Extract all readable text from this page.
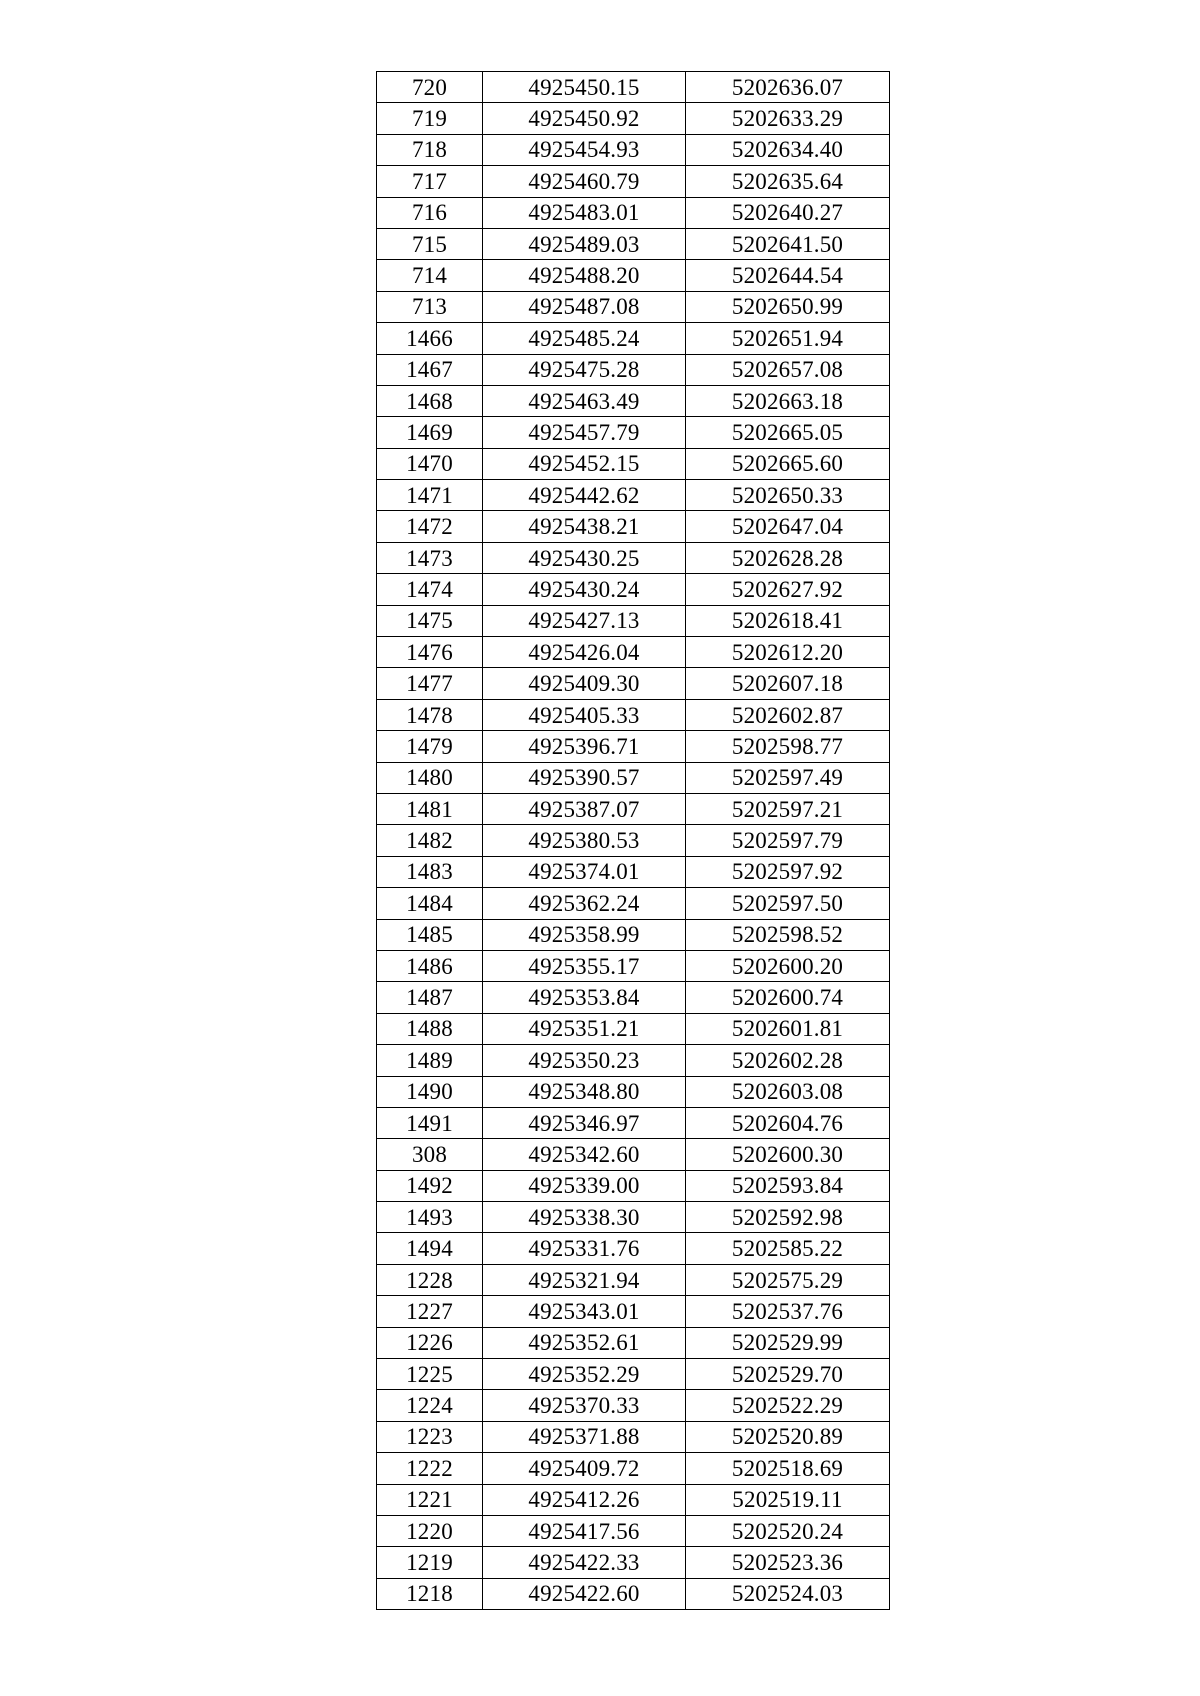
720	4925450.15	5202636.07
719	4925450.92	5202633.29
718	4925454.93	5202634.40
717	4925460.79	5202635.64
716	4925483.01	5202640.27
715	4925489.03	5202641.50
714	4925488.20	5202644.54
713	4925487.08	5202650.99
1466	4925485.24	5202651.94
1467	4925475.28	5202657.08
1468	4925463.49	5202663.18
1469	4925457.79	5202665.05
1470	4925452.15	5202665.60
1471	4925442.62	5202650.33
1472	4925438.21	5202647.04
1473	4925430.25	5202628.28
1474	4925430.24	5202627.92
1475	4925427.13	5202618.41
1476	4925426.04	5202612.20
1477	4925409.30	5202607.18
1478	4925405.33	5202602.87
1479	4925396.71	5202598.77
1480	4925390.57	5202597.49
1481	4925387.07	5202597.21
1482	4925380.53	5202597.79
1483	4925374.01	5202597.92
1484	4925362.24	5202597.50
1485	4925358.99	5202598.52
1486	4925355.17	5202600.20
1487	4925353.84	5202600.74
1488	4925351.21	5202601.81
1489	4925350.23	5202602.28
1490	4925348.80	5202603.08
1491	4925346.97	5202604.76
308	4925342.60	5202600.30
1492	4925339.00	5202593.84
1493	4925338.30	5202592.98
1494	4925331.76	5202585.22
1228	4925321.94	5202575.29
1227	4925343.01	5202537.76
1226	4925352.61	5202529.99
1225	4925352.29	5202529.70
1224	4925370.33	5202522.29
1223	4925371.88	5202520.89
1222	4925409.72	5202518.69
1221	4925412.26	5202519.11
1220	4925417.56	5202520.24
1219	4925422.33	5202523.36
1218	4925422.60	5202524.03
